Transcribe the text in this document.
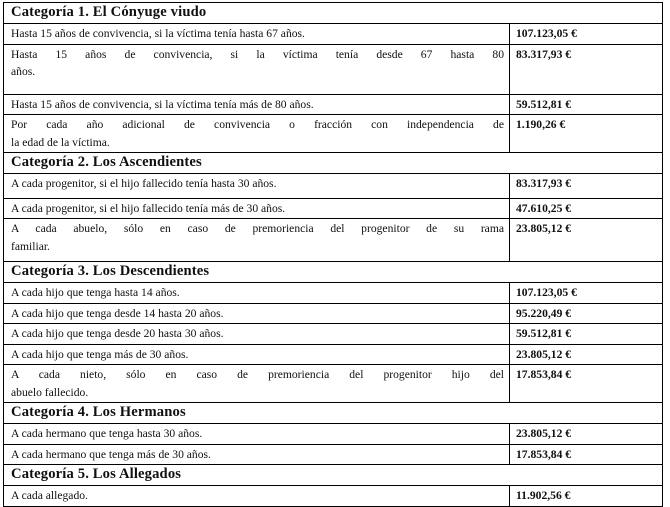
Categoría 1. El Cónyuge viudo	
Hasta 15 años de convivencia, si la víctima tenía hasta 67 años.	107.123,05 €

Hasta 15 años de convivencia, si la víctima tenía desde 67 hasta 80
años.	83.317,93 €
Hasta 15 años de convivencia, si la víctima tenía más de 80 años.	59.512,81 €

Por cada año adicional de convivencia o fracción con independencia de
la edad de la víctima.	1.190,26 €
Categoría 2. Los Ascendientes	
A cada progenitor, si el hijo fallecido tenía hasta 30 años.	83.317,93 €
A cada progenitor, si el hijo fallecido tenía más de 30 años.	47.610,25 €

A cada abuelo, sólo en caso de premoriencia del progenitor de su rama
familiar.	23.805,12 €
Categoría 3. Los Descendientes	
A cada hijo que tenga hasta 14 años.	107.123,05 €
A cada hijo que tenga desde 14 hasta 20 años.	95.220,49 €
A cada hijo que tenga desde 20 hasta 30 años.	59.512,81 €
A cada hijo que tenga más de 30 años.	23.805,12 €

A cada nieto, sólo en caso de premoriencia del progenitor hijo del
abuelo fallecido.	17.853,84 €
Categoría 4. Los Hermanos	
A cada hermano que tenga hasta 30 años.	23.805,12 €
A cada hermano que tenga más de 30 años.	17.853,84 €
Categoría 5. Los Allegados	
A cada allegado.	11.902,56 €
